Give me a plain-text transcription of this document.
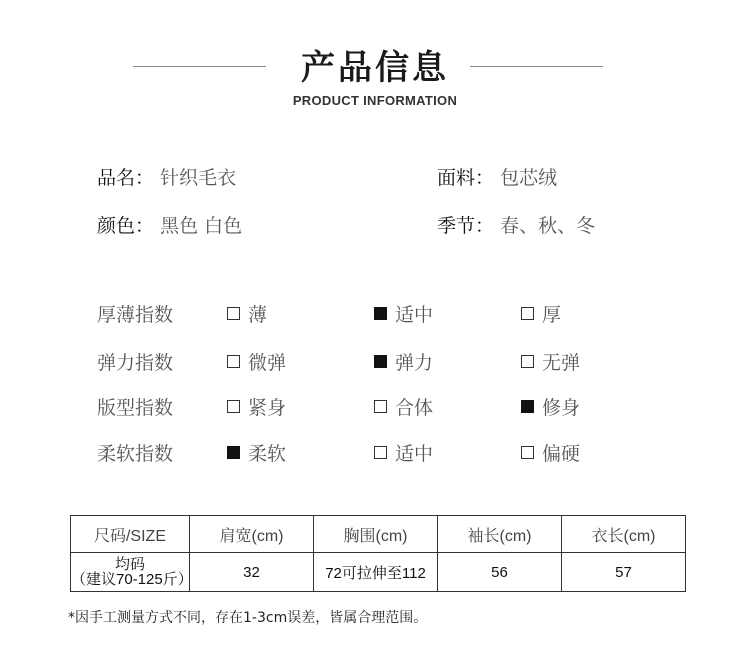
产品信息
PRODUCT INFORMATION
品名： 针织毛衣	面料： 包芯绒
颜色： 黑色 白色	季节： 春、秋、冬
厚薄指数	薄	适中	厚
弹力指数	微弹	弹力	无弹
版型指数	紧身	合体	修身
柔软指数	柔软	适中	偏硬
尺码/SIZE	肩宽(cm)	胸围(cm)	袖长(cm)	衣长(cm)

均码
（建议70-125斤）	32	72可拉伸至112	56	57
*因手工测量方式不同，存在1-3cm误差，皆属合理范围。
